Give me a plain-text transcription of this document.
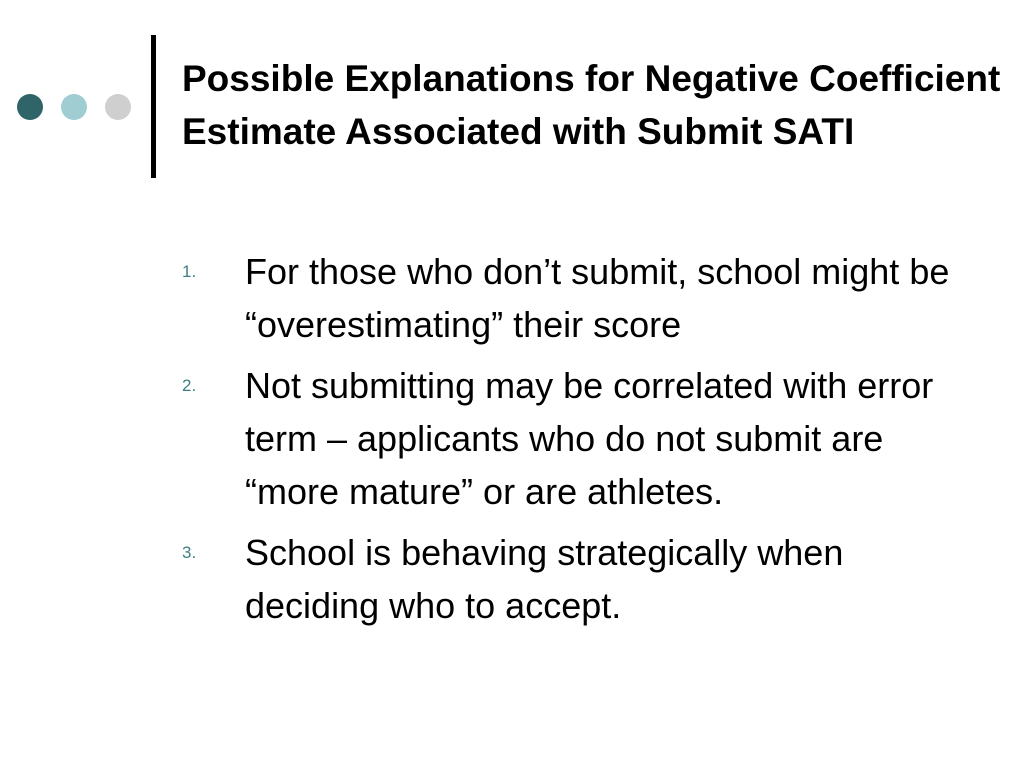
Possible Explanations for Negative Coefficient Estimate Associated with Submit SATI
1.	For those who don’t submit, school might be “overestimating” their score
2.	Not submitting may be correlated with error term – applicants who do not submit are “more mature” or are athletes.
3.	School is behaving strategically when deciding who to accept.
